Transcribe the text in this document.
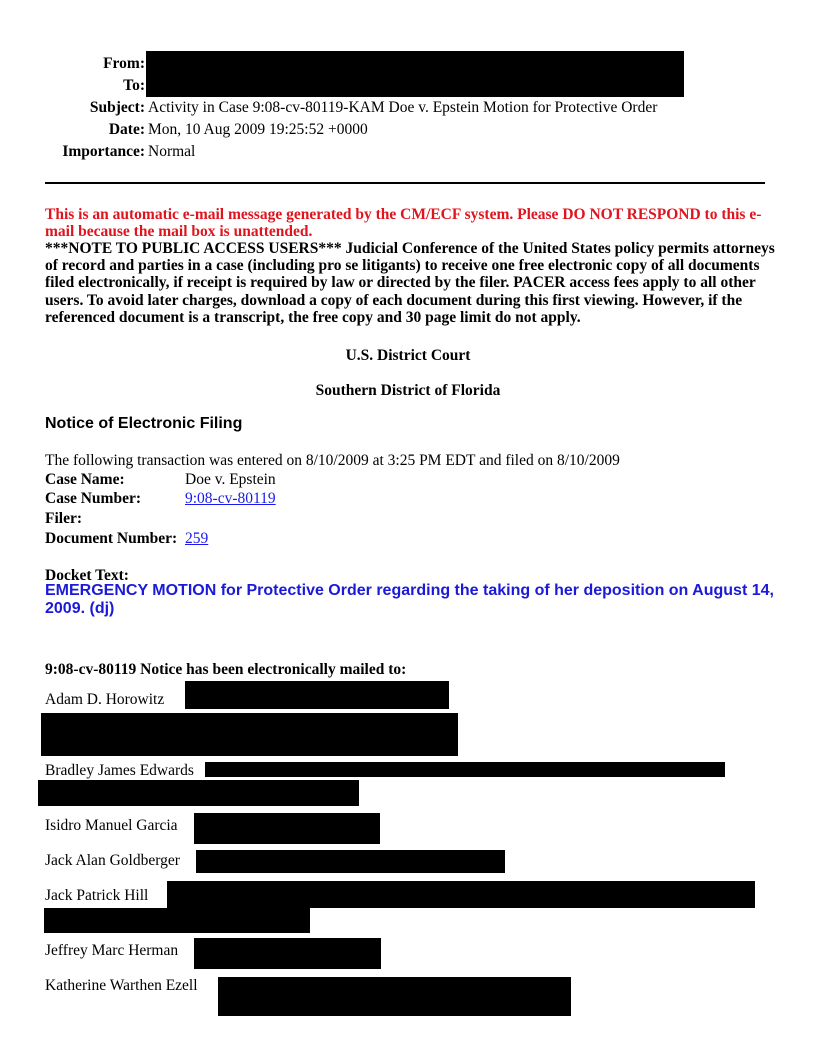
From:
To:
Subject: Activity in Case 9:08-cv-80119-KAM Doe v. Epstein Motion for Protective Order
Date: Mon, 10 Aug 2009 19:25:52 +0000
Importance: Normal
This is an automatic e-mail message generated by the CM/ECF system. Please DO NOT RESPOND to this e-mail because the mail box is unattended.
***NOTE TO PUBLIC ACCESS USERS*** Judicial Conference of the United States policy permits attorneys of record and parties in a case (including pro se litigants) to receive one free electronic copy of all documents filed electronically, if receipt is required by law or directed by the filer. PACER access fees apply to all other users. To avoid later charges, download a copy of each document during this first viewing. However, if the referenced document is a transcript, the free copy and 30 page limit do not apply.
U.S. District Court
Southern District of Florida
Notice of Electronic Filing
The following transaction was entered on 8/10/2009 at 3:25 PM EDT and filed on 8/10/2009
Case Name:	Doe v. Epstein
Case Number:	9:08-cv-80119
Filer:
Document Number: 259
Docket Text:
EMERGENCY MOTION for Protective Order regarding the taking of her deposition on August 14, 2009. (dj)
9:08-cv-80119 Notice has been electronically mailed to:
Adam D. Horowitz
Bradley James Edwards
Isidro Manuel Garcia
Jack Alan Goldberger
Jack Patrick Hill
Jeffrey Marc Herman
Katherine Warthen Ezell
